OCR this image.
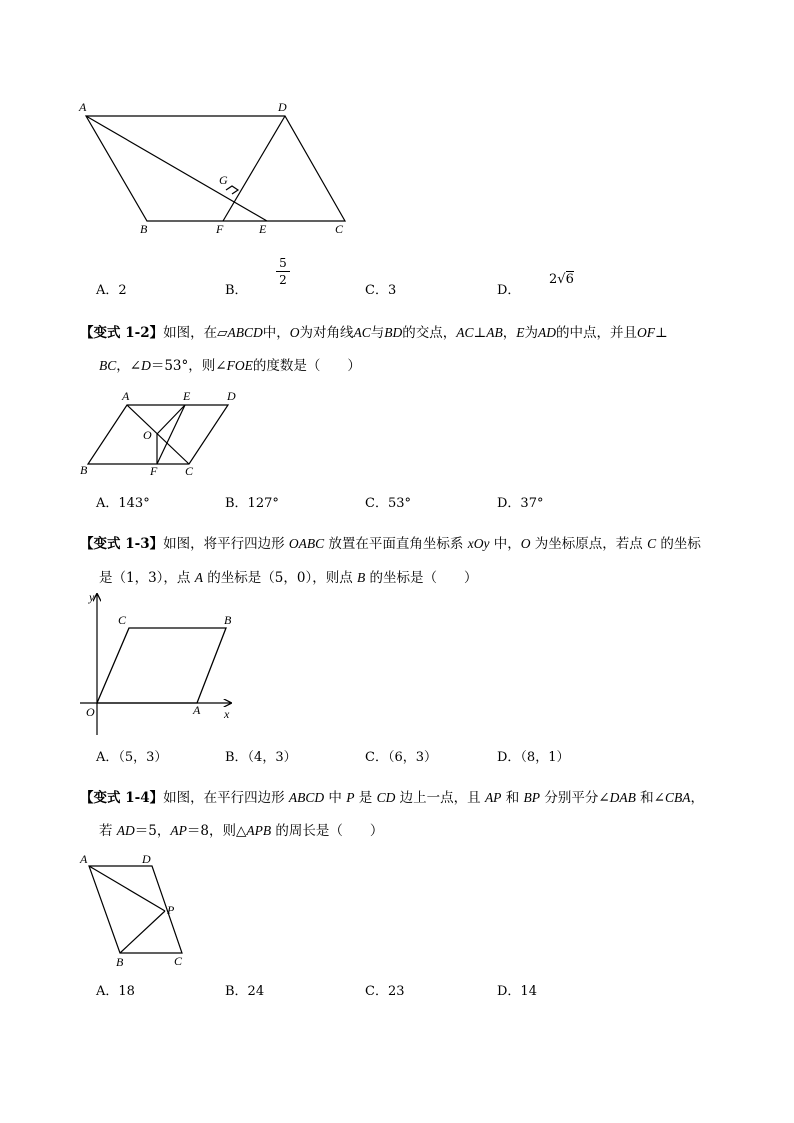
A	D
G
B	F	E	C
A．2	B．
5
2
C．3	D．
2√6
【变式 1-2】如图，在▱ABCD中，O为对角线AC与BD的交点，AC⊥AB，E为AD的中点，并且OF⊥
BC，∠D＝53°，则∠FOE的度数是（　　）
A	E	D
O
B	F C
A．143°	B．127°	C．53°	D．37°
【变式 1-3】如图，将平行四边形 OABC 放置在平面直角坐标系 xOy 中，O 为坐标原点，若点 C 的坐标
是（1，3），点 A 的坐标是（5，0），则点 B 的坐标是（　　）
y
C	B
O	A x
A．（5，3）	B．（4，3）	C．（6，3）	D．（8，1）
【变式 1-4】如图，在平行四边形 ABCD 中 P 是 CD 边上一点，且 AP 和 BP 分别平分∠DAB 和∠CBA，
若 AD＝5，AP＝8，则△APB 的周长是（　　）
A	D
P
B	C
A．18	B．24	C．23	D．14
